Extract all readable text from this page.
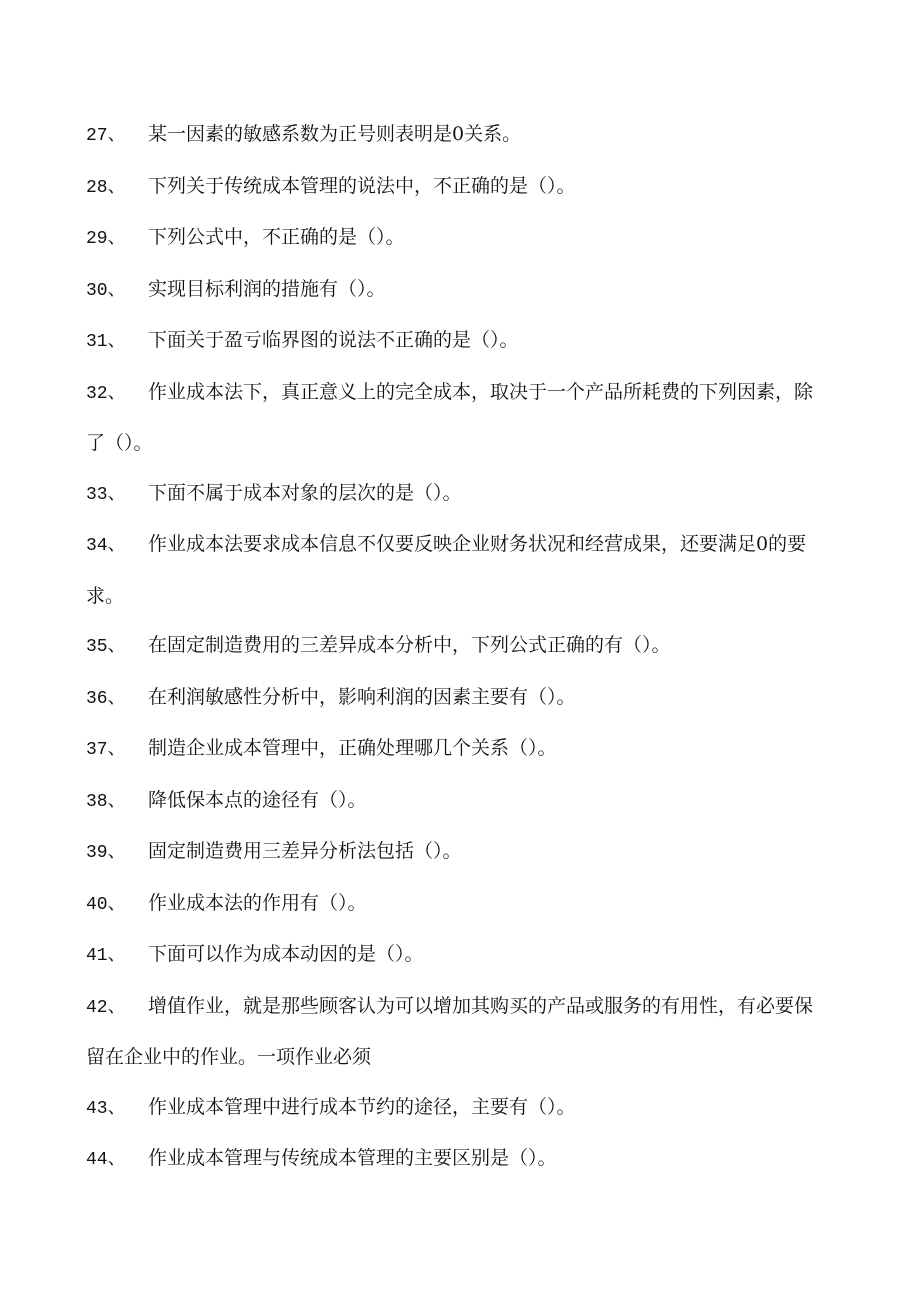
27、 某一因素的敏感系数为正号则表明是0关系。
28、 下列关于传统成本管理的说法中，不正确的是（）。
29、 下列公式中，不正确的是（）。
30、 实现目标利润的措施有（）。
31、 下面关于盈亏临界图的说法不正确的是（）。
32、 作业成本法下，真正意义上的完全成本，取决于一个产品所耗费的下列因素，除了（）。
33、 下面不属于成本对象的层次的是（）。
34、 作业成本法要求成本信息不仅要反映企业财务状况和经营成果，还要满足0的要求。
35、 在固定制造费用的三差异成本分析中，下列公式正确的有（）。
36、 在利润敏感性分析中，影响利润的因素主要有（）。
37、 制造企业成本管理中，正确处理哪几个关系（）。
38、 降低保本点的途径有（）。
39、 固定制造费用三差异分析法包括（）。
40、 作业成本法的作用有（）。
41、 下面可以作为成本动因的是（）。
42、 增值作业，就是那些顾客认为可以增加其购买的产品或服务的有用性，有必要保留在企业中的作业。一项作业必须
43、 作业成本管理中进行成本节约的途径，主要有（）。
44、 作业成本管理与传统成本管理的主要区别是（）。
